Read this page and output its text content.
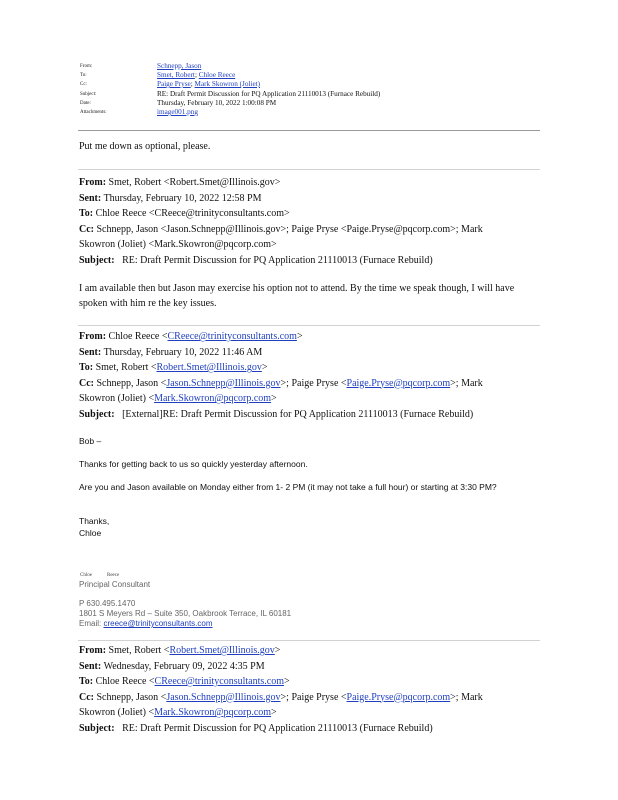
From:	Schnepp, Jason
To:	Smet, Robert; Chloe Reece
Cc:	Paige Pryse; Mark Skowron (Joliet)
Subject:	RE: Draft Permit Discussion for PQ Application 21110013 (Furnace Rebuild)
Date:	Thursday, February 10, 2022 1:00:08 PM
Attachments:	image001.png
Put me down as optional, please.
From: Smet, Robert <Robert.Smet@Illinois.gov>
Sent: Thursday, February 10, 2022 12:58 PM
To: Chloe Reece <CReece@trinityconsultants.com>
Cc: Schnepp, Jason <Jason.Schnepp@Illinois.gov>; Paige Pryse <Paige.Pryse@pqcorp.com>; Mark
Skowron (Joliet) <Mark.Skowron@pqcorp.com>
Subject: RE: Draft Permit Discussion for PQ Application 21110013 (Furnace Rebuild)
I am available then but Jason may exercise his option not to attend. By the time we speak though, I will have spoken with him re the key issues.
From: Chloe Reece <CReece@trinityconsultants.com>
Sent: Thursday, February 10, 2022 11:46 AM
To: Smet, Robert <Robert.Smet@Illinois.gov>
Cc: Schnepp, Jason <Jason.Schnepp@Illinois.gov>; Paige Pryse <Paige.Pryse@pqcorp.com>; Mark
Skowron (Joliet) <Mark.Skowron@pqcorp.com>
Subject: [External]RE: Draft Permit Discussion for PQ Application 21110013 (Furnace Rebuild)
Bob –
Thanks for getting back to us so quickly yesterday afternoon.
Are you and Jason available on Monday either from 1- 2 PM (it may not take a full hour) or starting at 3:30 PM?
Thanks,
Chloe
Chloe	Reece
Principal Consultant
P 630.495.1470
1801 S Meyers Rd – Suite 350, Oakbrook Terrace, IL 60181
Email: creece@trinityconsultants.com
From: Smet, Robert <Robert.Smet@Illinois.gov>
Sent: Wednesday, February 09, 2022 4:35 PM
To: Chloe Reece <CReece@trinityconsultants.com>
Cc: Schnepp, Jason <Jason.Schnepp@Illinois.gov>; Paige Pryse <Paige.Pryse@pqcorp.com>; Mark
Skowron (Joliet) <Mark.Skowron@pqcorp.com>
Subject: RE: Draft Permit Discussion for PQ Application 21110013 (Furnace Rebuild)
